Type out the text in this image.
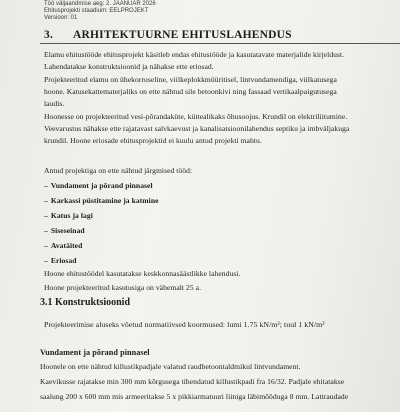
Töö väljaandmise aeg: 2. JAANUAR 2026
Ehitusprojekti staadium: EELPROJEKT
Versioon: 01
3. ARHITEKTUURNE EHITUSLAHENDUS
Elamu ehitustööde ehitusprojekt käsitleb endas ehitustööde ja kasutatavate materjalide kirjeldust.
Lahendatakse konstruktsioonid ja nähakse ette eriosad.
Projekteeritud elamu on ühekorruseline, viilkeplokkmüüritisel, lintvundamendiga, viilkatusega
hoone. Katusekattematerjaliks on ette nähtud sile betoonkivi ning fassaad vertikaalpaigutusega
laudis.
Hoonesse on projekteeritud vesi-põrandaküte, küttealikaks õhusoojus. Krundil on elektriliitumine.
Veevarustus nähakse ette rajatavast salvkaevust ja kanalisatsioonilahendus septiku ja imbväljakuga
krundil. Hoone eriosade ehitusprojektid ei kuulu antud projekti mahtu.
Antud projektiga on ette nähtud järgmised tööd:
– Vundament ja põrand pinnasel
– Karkassi püstitamine ja katmine
– Katus ja lagi
– Siseseinad
– Avatäited
– Eriosad
Hoone ehitustöödel kasutatakse keskkonnasäästlikke lahendusi.
Hoone projekteeritud kasutusiga on vähemalt 25 a.
3.1 Konstruktsioonid
Projekteerimise aluseks võetud normatiivsed koormused: lumi 1.75 kN/m²; tuul 1 kN/m²
Vundament ja põrand pinnasel
Hoonele on ette nähtud killustikpadjale valatud raudbetoontaldmikul lintvundament.
Kaevikusse rajatakse min 300 mm kõrgusega tihendatud killustikpadi fra 16/32. Padjale ehitatakse
saalung 200 x 600 mm mis armeeritakse 5 x pikkiarmatuuri liiniga läbimõõduga 8 mm. Lattraudade
